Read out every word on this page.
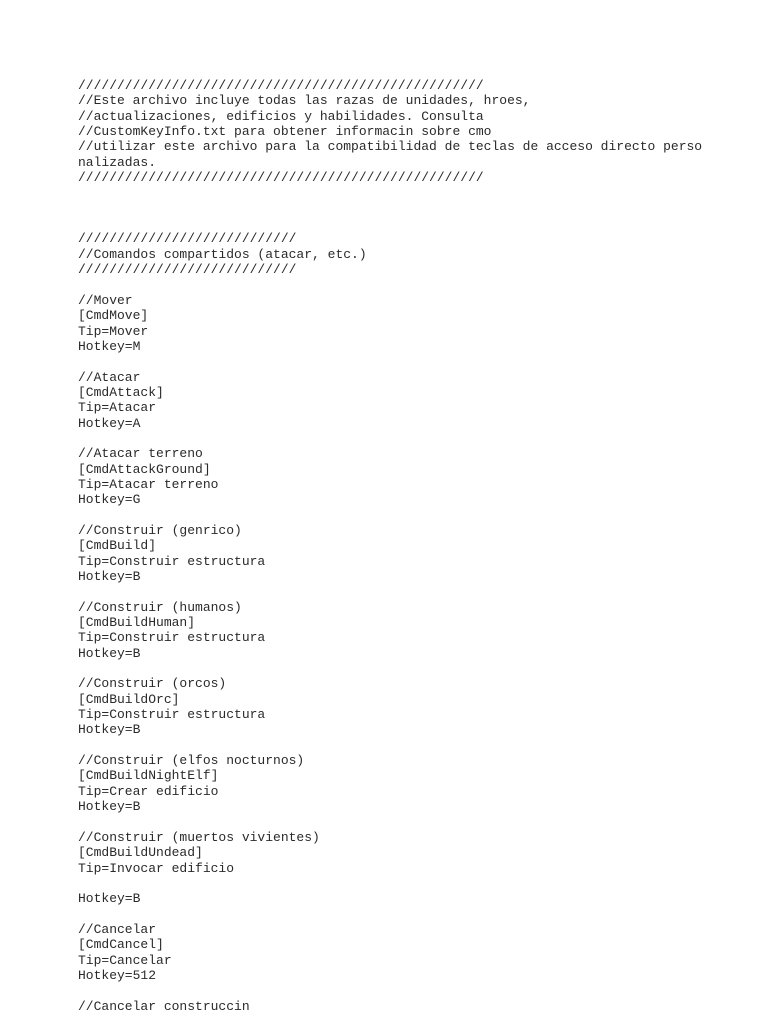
////////////////////////////////////////////////////
//Este archivo incluye todas las razas de unidades, hroes,
//actualizaciones, edificios y habilidades. Consulta
//CustomKeyInfo.txt para obtener informacin sobre cmo
//utilizar este archivo para la compatibilidad de teclas de acceso directo perso
nalizadas.
////////////////////////////////////////////////////
////////////////////////////
//Comandos compartidos (atacar, etc.)
////////////////////////////
//Mover
[CmdMove]
Tip=Mover
Hotkey=M
//Atacar
[CmdAttack]
Tip=Atacar
Hotkey=A
//Atacar terreno
[CmdAttackGround]
Tip=Atacar terreno
Hotkey=G
//Construir (genrico)
[CmdBuild]
Tip=Construir estructura
Hotkey=B
//Construir (humanos)
[CmdBuildHuman]
Tip=Construir estructura
Hotkey=B
//Construir (orcos)
[CmdBuildOrc]
Tip=Construir estructura
Hotkey=B
//Construir (elfos nocturnos)
[CmdBuildNightElf]
Tip=Crear edificio
Hotkey=B
//Construir (muertos vivientes)
[CmdBuildUndead]
Tip=Invocar edificio
Hotkey=B
//Cancelar
[CmdCancel]
Tip=Cancelar
Hotkey=512
//Cancelar construccin
